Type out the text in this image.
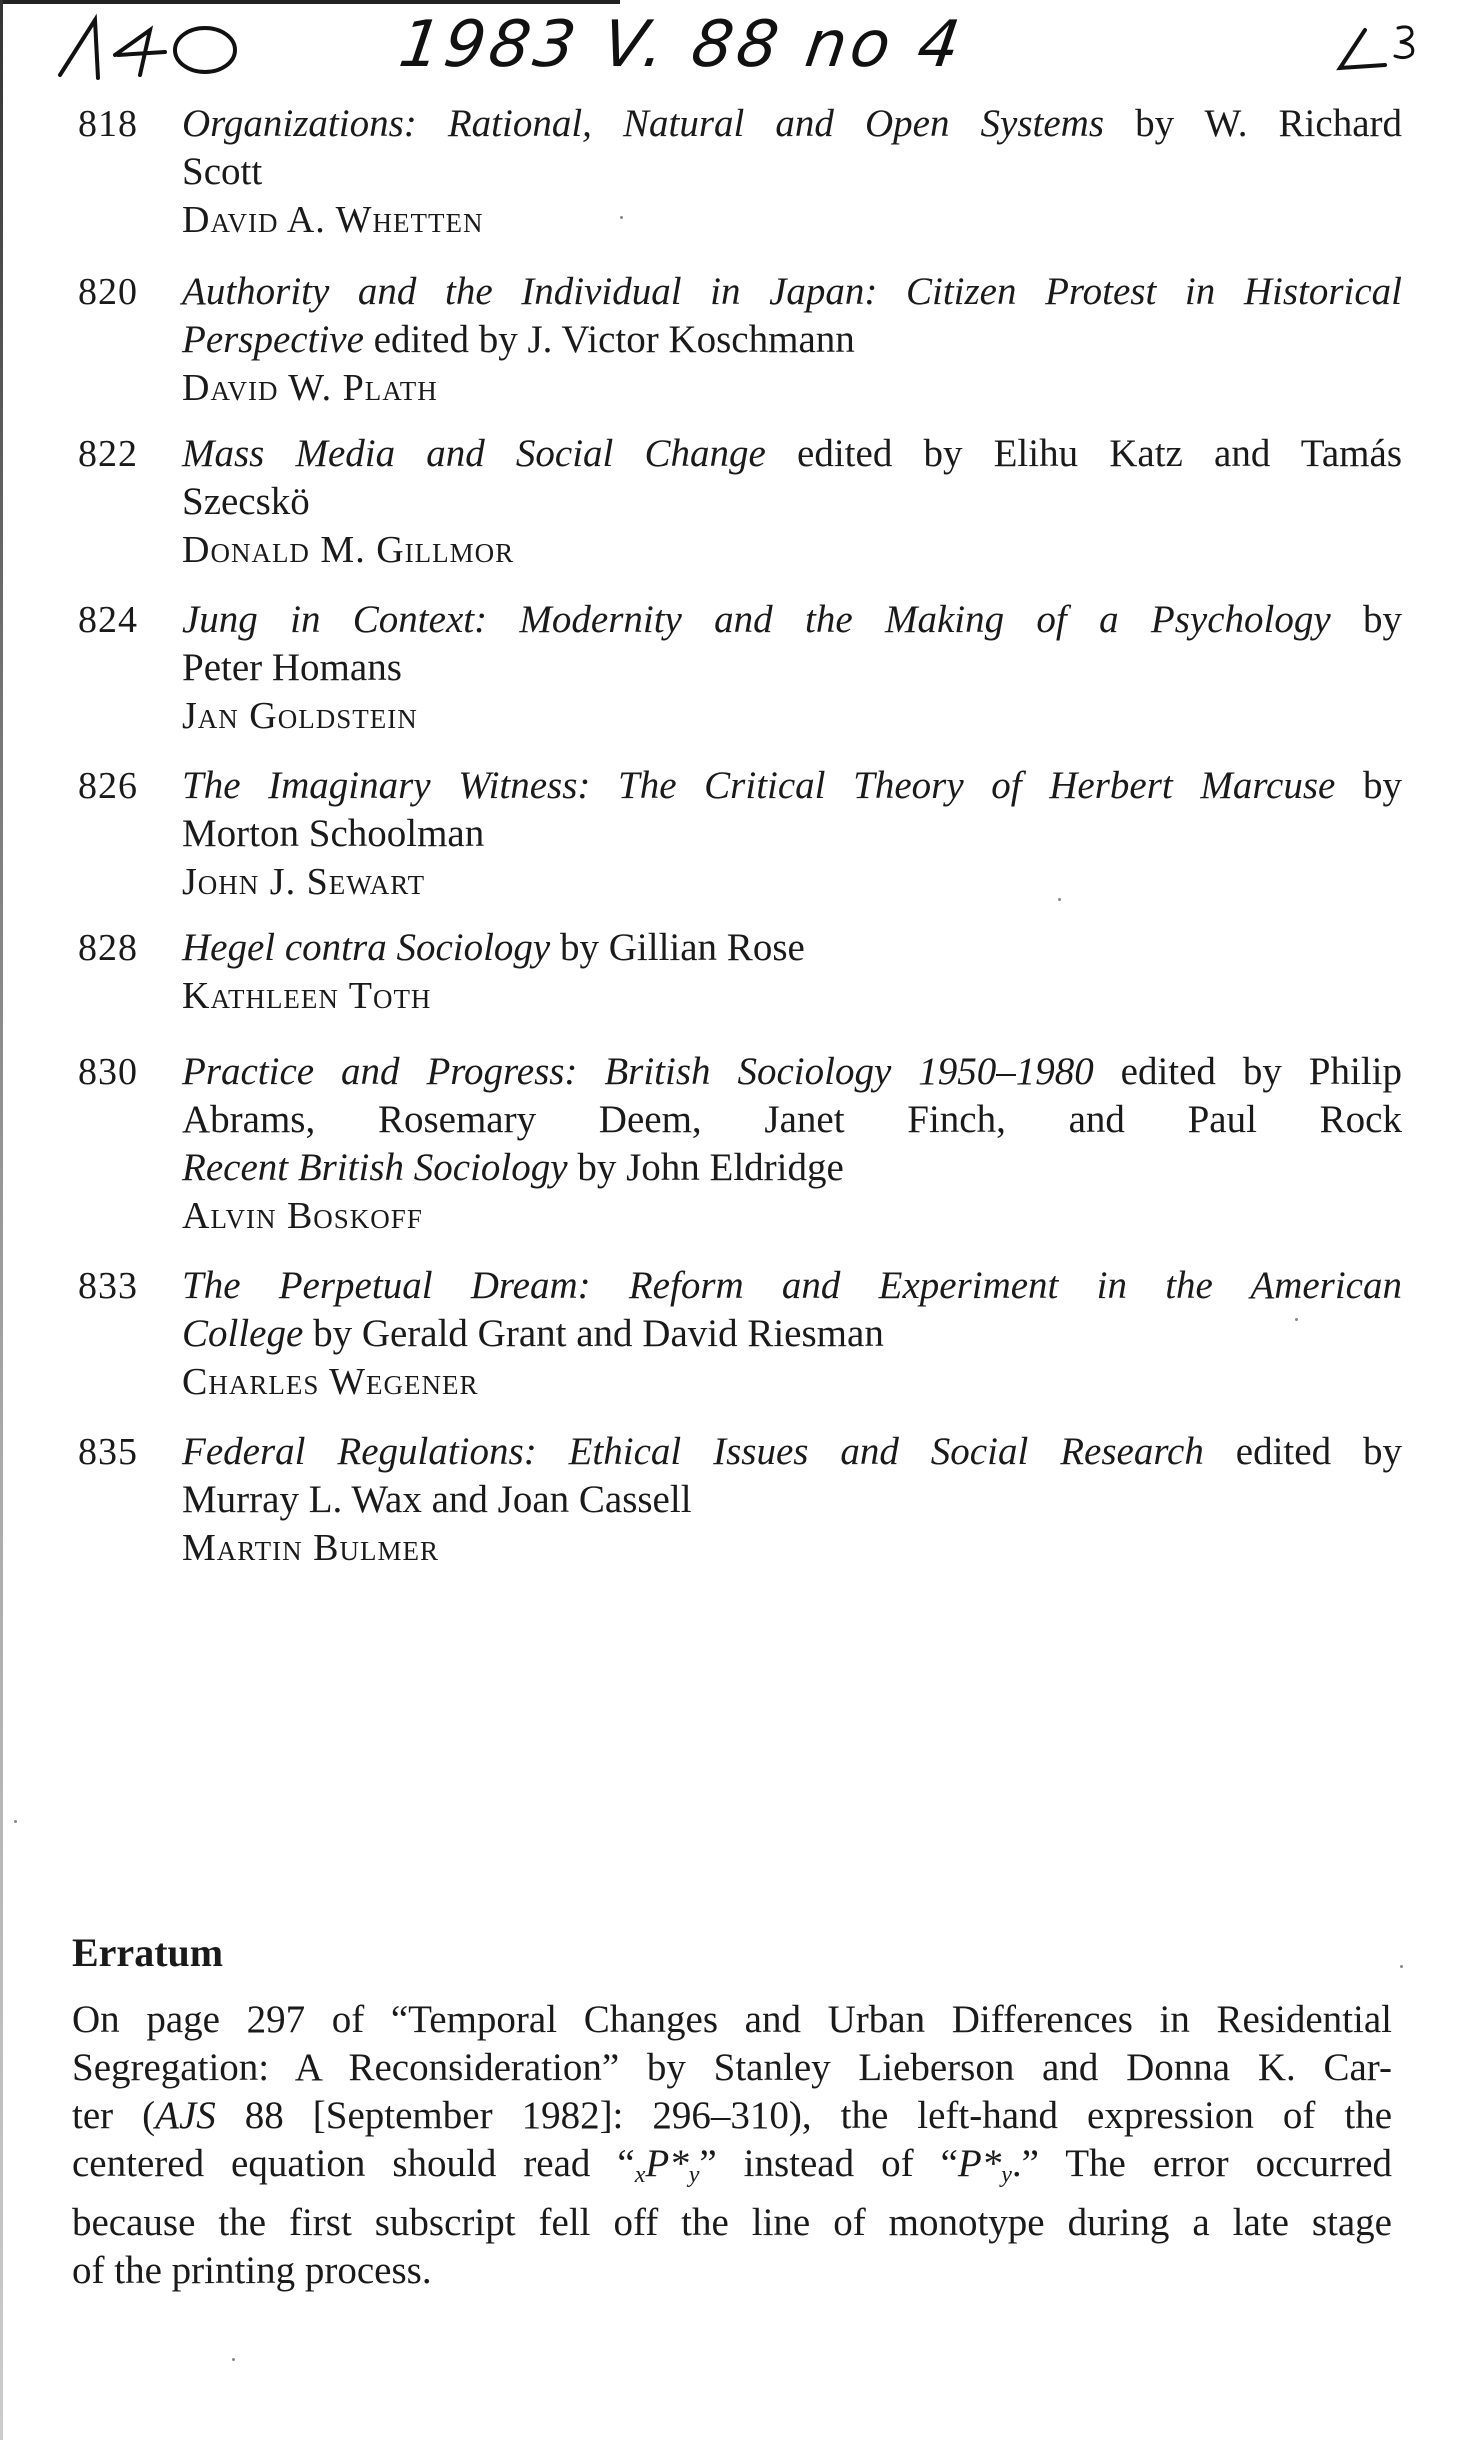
1983 V. 88 no 4
818 Organizations: Rational, Natural and Open Systems by W. Richard
Scott
David A. Whetten
820 Authority and the Individual in Japan: Citizen Protest in Historical
Perspective edited by J. Victor Koschmann
David W. Plath
822 Mass Media and Social Change edited by Elihu Katz and Tamás
Szecskö
Donald M. Gillmor
824 Jung in Context: Modernity and the Making of a Psychology by
Peter Homans
Jan Goldstein
826 The Imaginary Witness: The Critical Theory of Herbert Marcuse by
Morton Schoolman
John J. Sewart
828 Hegel contra Sociology by Gillian Rose
Kathleen Toth
830 Practice and Progress: British Sociology 1950–1980 edited by Philip
Abrams, Rosemary Deem, Janet Finch, and Paul Rock
Recent British Sociology by John Eldridge
Alvin Boskoff
833 The Perpetual Dream: Reform and Experiment in the American
College by Gerald Grant and David Riesman
Charles Wegener
835 Federal Regulations: Ethical Issues and Social Research edited by
Murray L. Wax and Joan Cassell
Martin Bulmer
Erratum
On page 297 of “Temporal Changes and Urban Differences in Residential
Segregation: A Reconsideration” by Stanley Lieberson and Donna K. Car-
ter (AJS 88 [September 1982]: 296–310), the left-hand expression of the
centered equation should read “$_xP*_y$” instead of “$P*_y$.” The error occurred
because the first subscript fell off the line of monotype during a late stage
of the printing process.
